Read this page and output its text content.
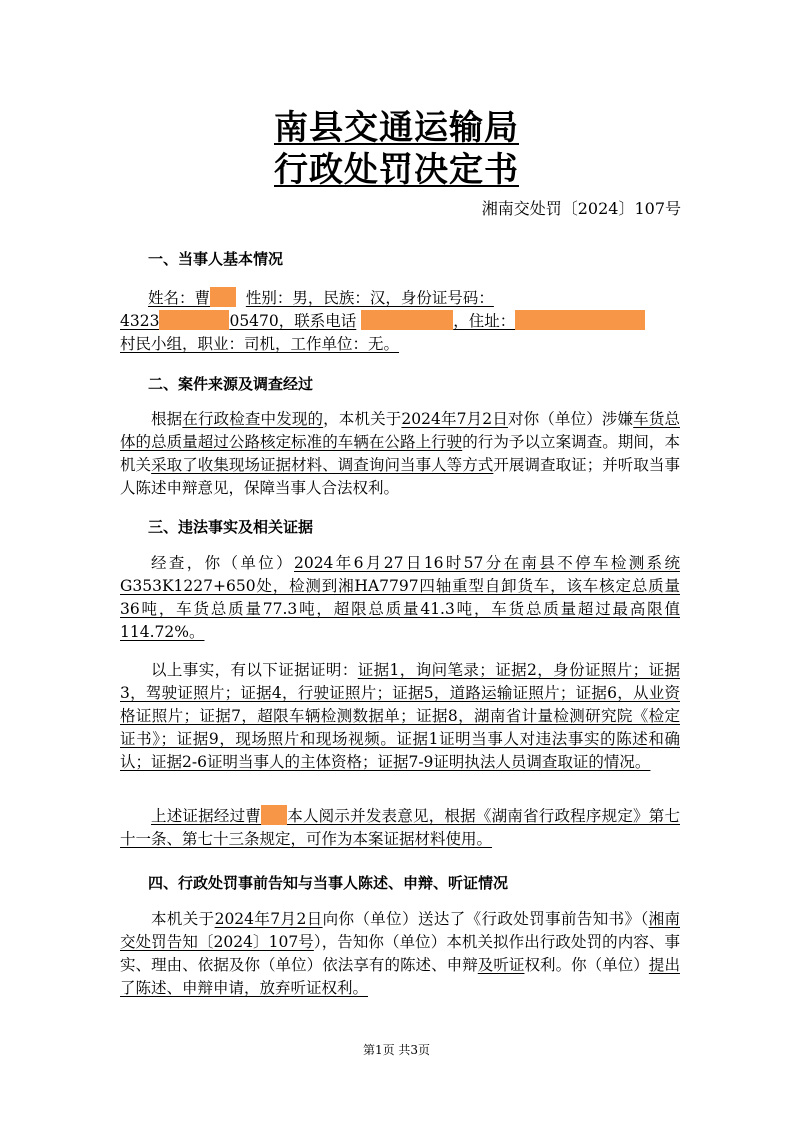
南县交通运输局
行政处罚决定书
湘南交处罚〔2024〕107号
一、当事人基本情况

姓名：曹 性别：男，民族：汉，身份证号码：

4323	05470，联系电话	，住址：

村民小组，职业：司机，工作单位：无。

二、案件来源及调查经过
根据在行政检查中发现的，本机关于2024年7月2日对你（单位）涉嫌车货总体的总质量超过公路核定标准的车辆在公路上行驶的行为予以立案调查。期间，本机关采取了收集现场证据材料、调查询问当事人等方式开展调查取证；并听取当事人陈述申辩意见，保障当事人合法权利。
三、违法事实及相关证据
经查，你（单位）2024年6月27日16时57分在南县不停车检测系统G353K1227+650处，检测到湘HA7797四轴重型自卸货车，该车核定总质量36吨，车货总质量77.3吨，超限总质量41.3吨，车货总质量超过最高限值114.72%。
以上事实，有以下证据证明：证据1，询问笔录；证据2，身份证照片；证据3，驾驶证照片；证据4，行驶证照片；证据5，道路运输证照片；证据6，从业资格证照片；证据7，超限车辆检测数据单；证据8，湖南省计量检测研究院《检定证书》；证据9，现场照片和现场视频。证据1证明当事人对违法事实的陈述和确认；证据2-6证明当事人的主体资格；证据7-9证明执法人员调查取证的情况。
上述证据经过曹 本人阅示并发表意见，根据《湖南省行政程序规定》第七十一条、第七十三条规定，可作为本案证据材料使用。
四、行政处罚事前告知与当事人陈述、申辩、听证情况
本机关于2024年7月2日向你（单位）送达了《行政处罚事前告知书》（湘南交处罚告知〔2024〕107号），告知你（单位）本机关拟作出行政处罚的内容、事实、理由、依据及你（单位）依法享有的陈述、申辩及听证权利。你（单位）提出了陈述、申辩申请，放弃听证权利。
第1页 共3页
